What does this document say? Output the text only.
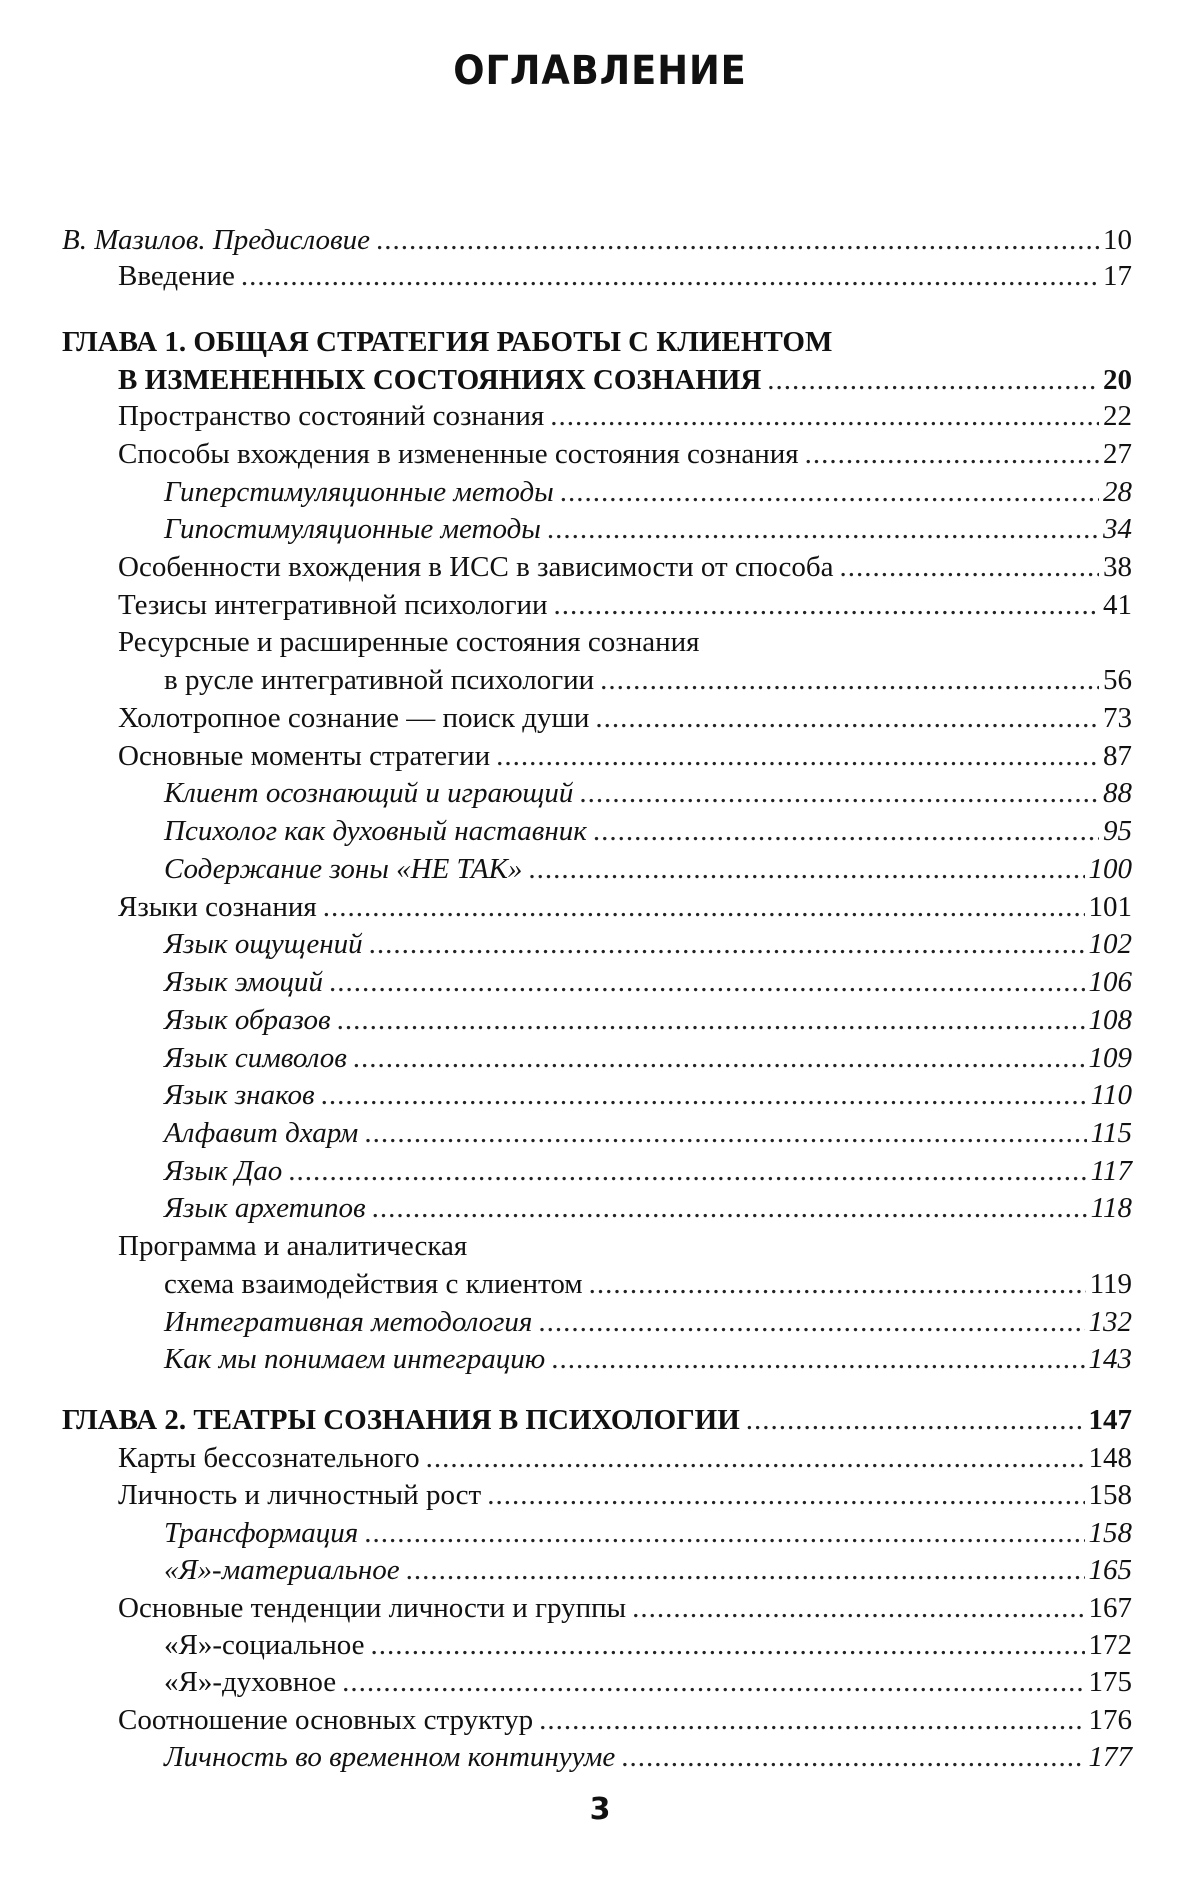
ОГЛАВЛЕНИЕ
В. Мазилов. Предисловие
.....	10
Введение
.....	17
ГЛАВА 1. ОБЩАЯ СТРАТЕГИЯ РАБОТЫ С КЛИЕНТОМ
В ИЗМЕНЕННЫХ СОСТОЯНИЯХ СОЗНАНИЯ
.....	20
Пространство состояний сознания
.....	22
Способы вхождения в измененные состояния сознания
.....	27
Гиперстимуляционные методы
.....	28
Гипостимуляционные методы
.....	34
Особенности вхождения в ИСС в зависимости от способа
.....	38
Тезисы интегративной психологии
.....	41
Ресурсные и расширенные состояния сознания
в русле интегративной психологии
.....	56
Холотропное сознание — поиск души
.....	73
Основные моменты стратегии
.....	87
Клиент осознающий и играющий
.....	88
Психолог как духовный наставник
.....	95
Содержание зоны «НЕ ТАК»
.....	100
Языки сознания
.....	101
Язык ощущений
.....	102
Язык эмоций
.....	106
Язык образов
.....	108
Язык символов
.....	109
Язык знаков
.....	110
Алфавит дхарм
.....	115
Язык Дао
.....	117
Язык архетипов
.....	118
Программа и аналитическая
схема взаимодействия с клиентом
.....	119
Интегративная методология
.....	132
Как мы понимаем интеграцию
.....	143
ГЛАВА 2. ТЕАТРЫ СОЗНАНИЯ В ПСИХОЛОГИИ
.....	147
Карты бессознательного
.....	148
Личность и личностный рост
.....	158
Трансформация
.....	158
«Я»-материальное
.....	165
Основные тенденции личности и группы
.....	167
«Я»-социальное
.....	172
«Я»-духовное
.....	175
Соотношение основных структур
.....	176
Личность во временном континууме
.....	177
3
